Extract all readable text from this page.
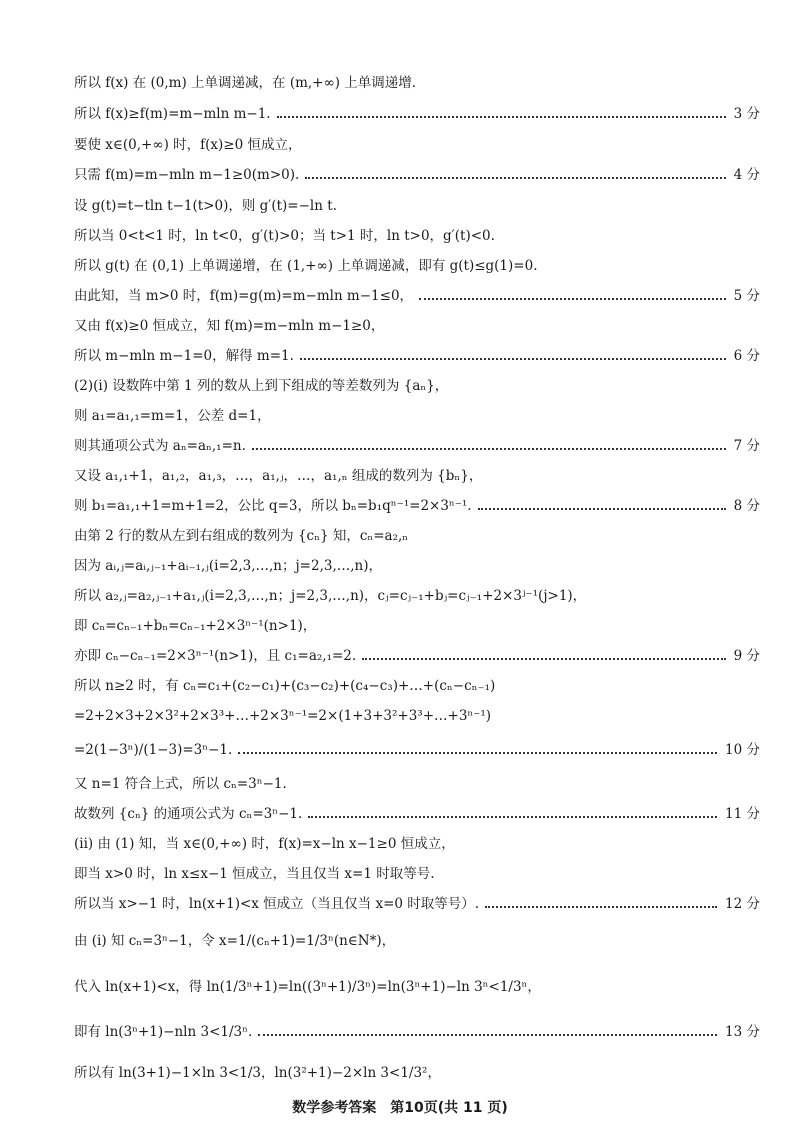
所以 f(x) 在 (0,m) 上单调递减，在 (m,+∞) 上单调递增.
所以 f(x)≥f(m)=m−mln m−1.	3 分
要使 x∈(0,+∞) 时，f(x)≥0 恒成立，
只需 f(m)=m−mln m−1≥0(m>0).	4 分
设 g(t)=t−tln t−1(t>0)，则 g′(t)=−ln t.
所以当 0<t<1 时，ln t<0，g′(t)>0；当 t>1 时，ln t>0，g′(t)<0.
所以 g(t) 在 (0,1) 上单调递增，在 (1,+∞) 上单调递减，即有 g(t)≤g(1)=0.
由此知，当 m>0 时，f(m)=g(m)=m−mln m−1≤0，	5 分
又由 f(x)≥0 恒成立，知 f(m)=m−mln m−1≥0，
所以 m−mln m−1=0，解得 m=1.	6 分
(2)(i) 设数阵中第 1 列的数从上到下组成的等差数列为 {aₙ}，
则 a₁=a₁,₁=m=1，公差 d=1，
则其通项公式为 aₙ=aₙ,₁=n.	7 分
又设 a₁,₁+1，a₁,₂，a₁,₃，…，a₁,ⱼ，…，a₁,ₙ 组成的数列为 {bₙ}，
则 b₁=a₁,₁+1=m+1=2，公比 q=3，所以 bₙ=b₁qⁿ⁻¹=2×3ⁿ⁻¹.	8 分
由第 2 行的数从左到右组成的数列为 {cₙ} 知，cₙ=a₂,ₙ
因为 aᵢ,ⱼ=aᵢ,ⱼ₋₁+aᵢ₋₁,ⱼ(i=2,3,…,n；j=2,3,…,n)，
所以 a₂,ⱼ=a₂,ⱼ₋₁+a₁,ⱼ(i=2,3,…,n；j=2,3,…,n)，cⱼ=cⱼ₋₁+bⱼ=cⱼ₋₁+2×3ʲ⁻¹(j>1)，
即 cₙ=cₙ₋₁+bₙ=cₙ₋₁+2×3ⁿ⁻¹(n>1)，
亦即 cₙ−cₙ₋₁=2×3ⁿ⁻¹(n>1)，且 c₁=a₂,₁=2.	9 分
所以 n≥2 时，有 cₙ=c₁+(c₂−c₁)+(c₃−c₂)+(c₄−c₃)+…+(cₙ−cₙ₋₁)
=2+2×3+2×3²+2×3³+…+2×3ⁿ⁻¹=2×(1+3+3²+3³+…+3ⁿ⁻¹)
=2(1−3ⁿ)/(1−3)=3ⁿ−1.	10 分
又 n=1 符合上式，所以 cₙ=3ⁿ−1.
故数列 {cₙ} 的通项公式为 cₙ=3ⁿ−1.	11 分
(ii) 由 (1) 知，当 x∈(0,+∞) 时，f(x)=x−ln x−1≥0 恒成立，
即当 x>0 时，ln x≤x−1 恒成立，当且仅当 x=1 时取等号.
所以当 x>−1 时，ln(x+1)<x 恒成立（当且仅当 x=0 时取等号）.	12 分
由 (i) 知 cₙ=3ⁿ−1，令 x=1/(cₙ+1)=1/3ⁿ(n∈N*)，
代入 ln(x+1)<x，得 ln(1/3ⁿ+1)=ln((3ⁿ+1)/3ⁿ)=ln(3ⁿ+1)−ln 3ⁿ<1/3ⁿ，
即有 ln(3ⁿ+1)−nln 3<1/3ⁿ.	13 分
所以有 ln(3+1)−1×ln 3<1/3，ln(3²+1)−2×ln 3<1/3²，
数学参考答案　第10页(共 11 页)
